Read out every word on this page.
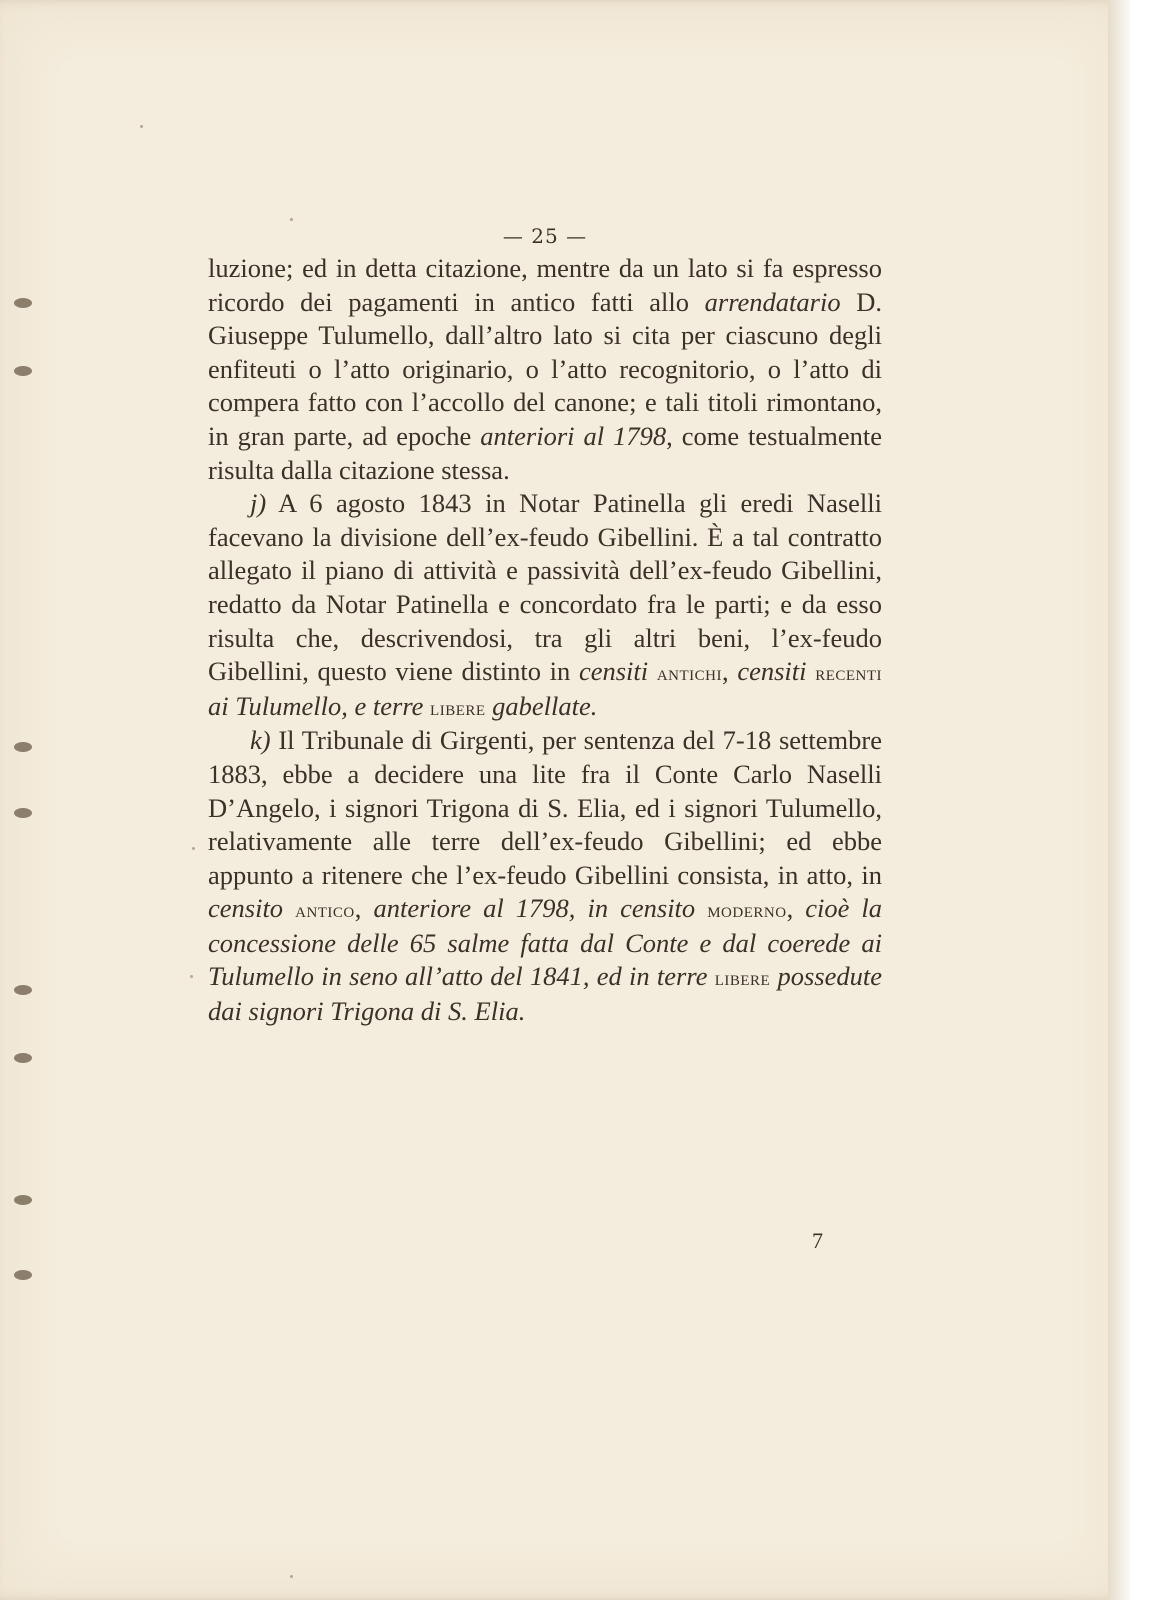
— 25 —

luzione; ed in detta citazione, mentre da un lato si fa espresso ricordo dei pagamenti in antico fatti allo arrendatario D. Giuseppe Tulumello, dall’altro lato si cita per ciascuno degli enfiteuti o l’atto originario, o l’atto recognitorio, o l’atto di compera fatto con l’accollo del canone; e tali titoli rimontano, in gran parte, ad epoche anteriori al 1798, come testualmente risulta dalla citazione stessa.

j) A 6 agosto 1843 in Notar Patinella gli eredi Naselli facevano la divisione dell’ex-feudo Gibellini. È a tal contratto allegato il piano di attività e passività dell’ex-feudo Gibellini, redatto da Notar Patinella e concordato fra le parti; e da esso risulta che, descrivendosi, tra gli altri beni, l’ex-feudo Gibellini, questo viene distinto in censiti antichi, censiti recenti ai Tulumello, e terre libere gabellate.

k) Il Tribunale di Girgenti, per sentenza del 7-18 settembre 1883, ebbe a decidere una lite fra il Conte Carlo Naselli D’Angelo, i signori Trigona di S. Elia, ed i signori Tulumello, relativamente alle terre dell’ex-feudo Gibellini; ed ebbe appunto a ritenere che l’ex-feudo Gibellini consista, in atto, in censito antico, anteriore al 1798, in censito moderno, cioè la concessione delle 65 salme fatta dal Conte e dal coerede ai Tulumello in seno all’atto del 1841, ed in terre libere possedute dai signori Trigona di S. Elia.

7
